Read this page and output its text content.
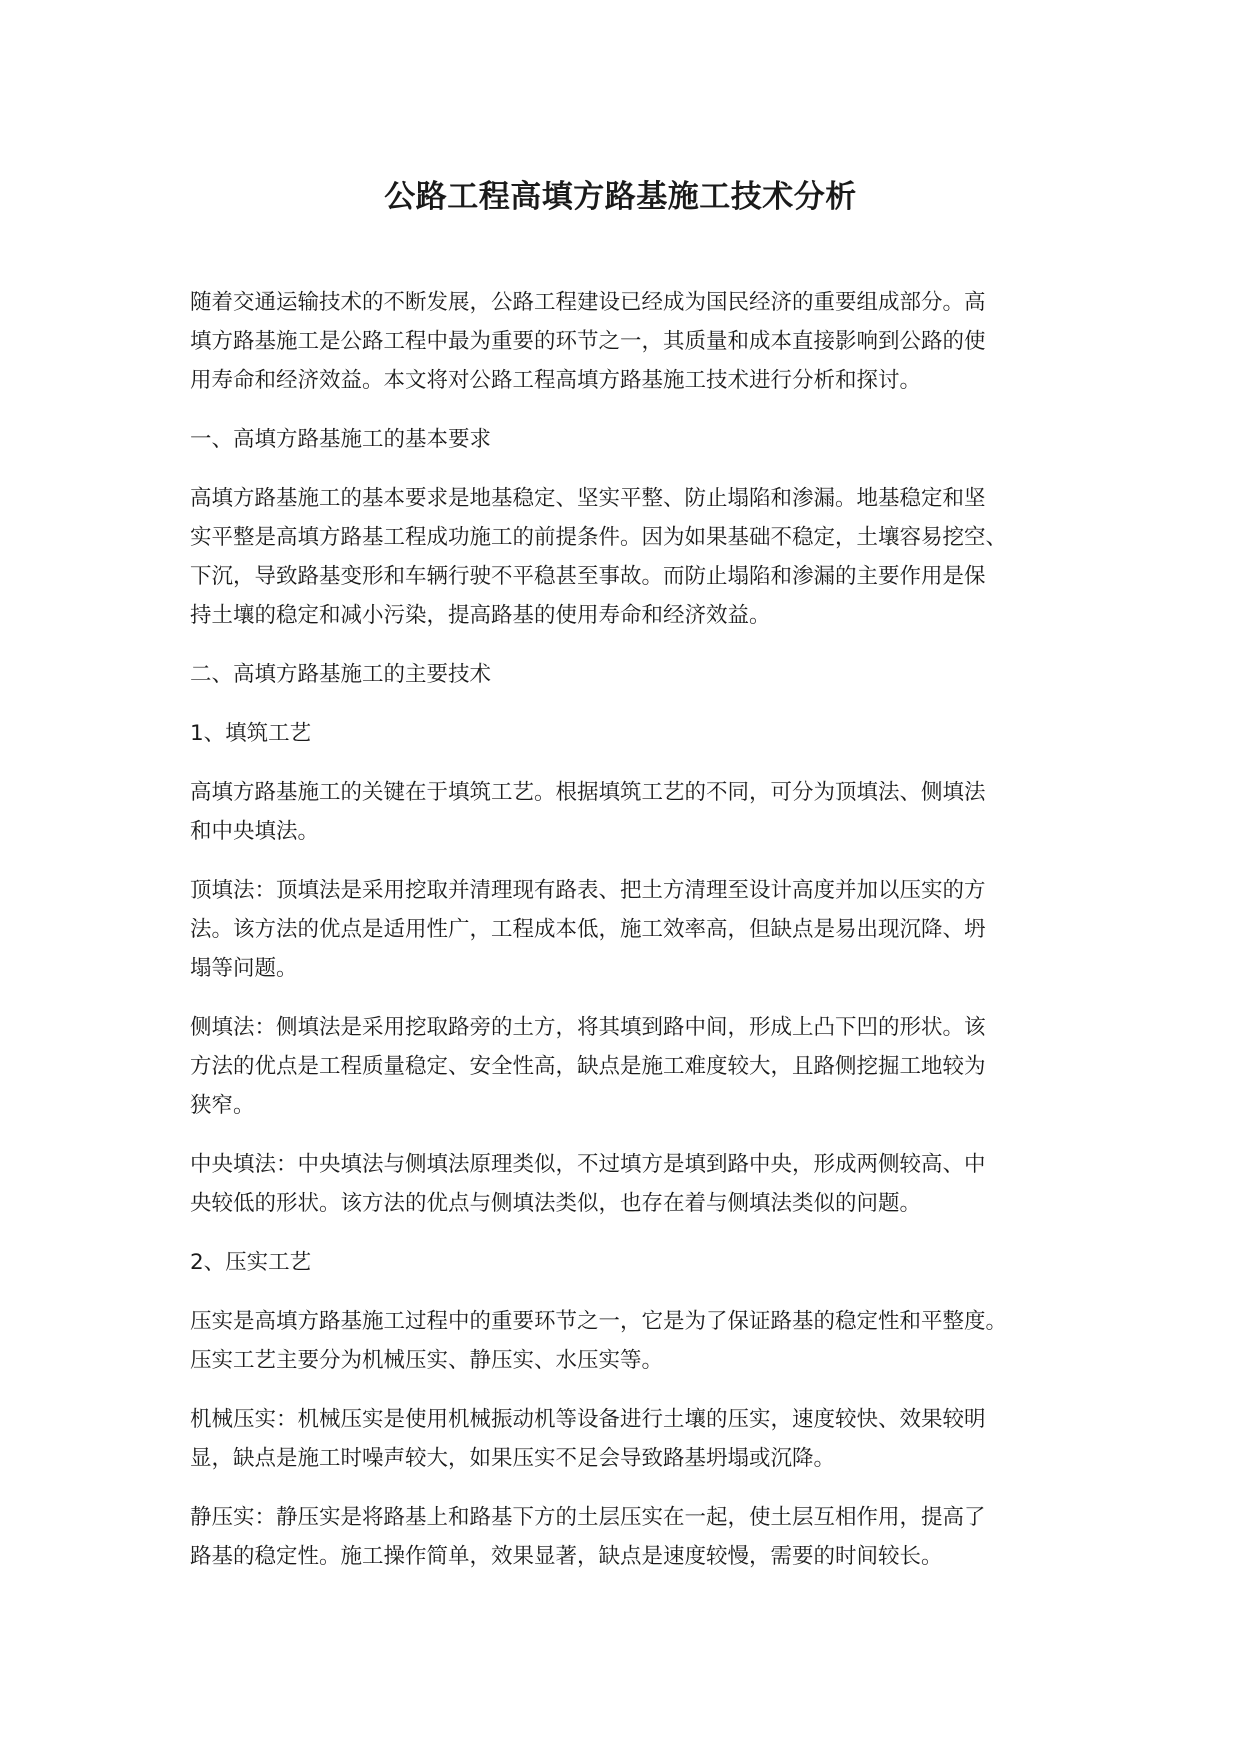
公路工程高填方路基施工技术分析

随着交通运输技术的不断发展，公路工程建设已经成为国民经济的重要组成部分。高
填方路基施工是公路工程中最为重要的环节之一，其质量和成本直接影响到公路的使
用寿命和经济效益。本文将对公路工程高填方路基施工技术进行分析和探讨。

一、高填方路基施工的基本要求

高填方路基施工的基本要求是地基稳定、坚实平整、防止塌陷和渗漏。地基稳定和坚
实平整是高填方路基工程成功施工的前提条件。因为如果基础不稳定，土壤容易挖空、
下沉，导致路基变形和车辆行驶不平稳甚至事故。而防止塌陷和渗漏的主要作用是保
持土壤的稳定和减小污染，提高路基的使用寿命和经济效益。

二、高填方路基施工的主要技术

1、填筑工艺

高填方路基施工的关键在于填筑工艺。根据填筑工艺的不同，可分为顶填法、侧填法
和中央填法。

顶填法：顶填法是采用挖取并清理现有路表、把土方清理至设计高度并加以压实的方
法。该方法的优点是适用性广，工程成本低，施工效率高，但缺点是易出现沉降、坍
塌等问题。

侧填法：侧填法是采用挖取路旁的土方，将其填到路中间，形成上凸下凹的形状。该
方法的优点是工程质量稳定、安全性高，缺点是施工难度较大，且路侧挖掘工地较为
狭窄。

中央填法：中央填法与侧填法原理类似，不过填方是填到路中央，形成两侧较高、中
央较低的形状。该方法的优点与侧填法类似，也存在着与侧填法类似的问题。

2、压实工艺

压实是高填方路基施工过程中的重要环节之一，它是为了保证路基的稳定性和平整度。
压实工艺主要分为机械压实、静压实、水压实等。

机械压实：机械压实是使用机械振动机等设备进行土壤的压实，速度较快、效果较明
显，缺点是施工时噪声较大，如果压实不足会导致路基坍塌或沉降。

静压实：静压实是将路基上和路基下方的土层压实在一起，使土层互相作用，提高了
路基的稳定性。施工操作简单，效果显著，缺点是速度较慢，需要的时间较长。
